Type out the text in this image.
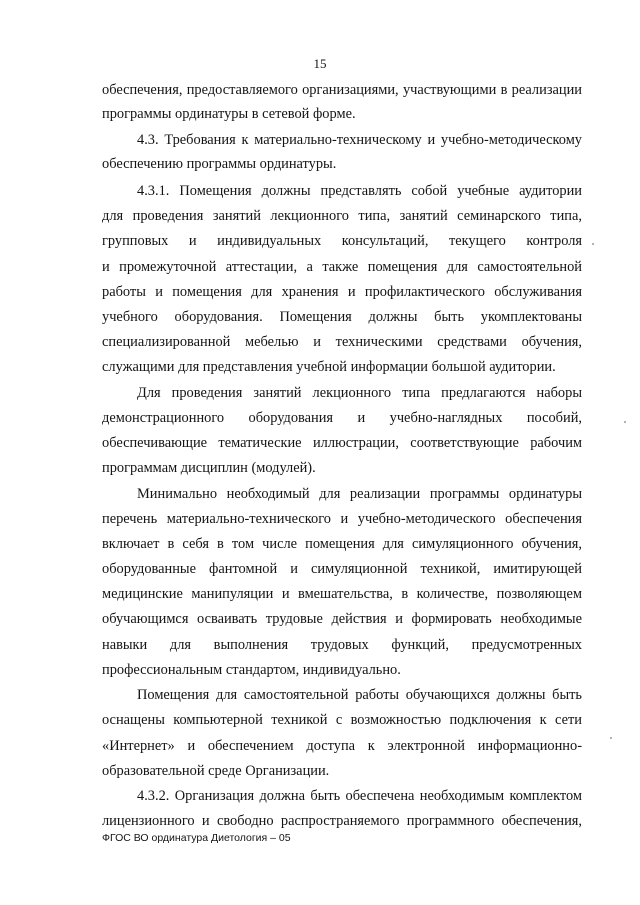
15
обеспечения, предоставляемого организациями, участвующими в реализации
программы ординатуры в сетевой форме.
4.3. Требования к материально-техническому и учебно-методическому
обеспечению программы ординатуры.
4.3.1. Помещения должны представлять собой учебные аудитории
для проведения занятий лекционного типа, занятий семинарского типа,
групповых и индивидуальных консультаций, текущего контроля
и промежуточной аттестации, а также помещения для самостоятельной
работы и помещения для хранения и профилактического обслуживания
учебного оборудования. Помещения должны быть укомплектованы
специализированной мебелью и техническими средствами обучения,
служащими для представления учебной информации большой аудитории.
Для проведения занятий лекционного типа предлагаются наборы
демонстрационного оборудования и учебно-наглядных пособий,
обеспечивающие тематические иллюстрации, соответствующие рабочим
программам дисциплин (модулей).
Минимально необходимый для реализации программы ординатуры
перечень материально-технического и учебно-методического обеспечения
включает в себя в том числе помещения для симуляционного обучения,
оборудованные фантомной и симуляционной техникой, имитирующей
медицинские манипуляции и вмешательства, в количестве, позволяющем
обучающимся осваивать трудовые действия и формировать необходимые
навыки для выполнения трудовых функций, предусмотренных
профессиональным стандартом, индивидуально.
Помещения для самостоятельной работы обучающихся должны быть
оснащены компьютерной техникой с возможностью подключения к сети
«Интернет» и обеспечением доступа к электронной информационно-
образовательной среде Организации.
4.3.2. Организация должна быть обеспечена необходимым комплектом
лицензионного и свободно распространяемого программного обеспечения,
ФГОС ВО ординатура Диетология – 05
